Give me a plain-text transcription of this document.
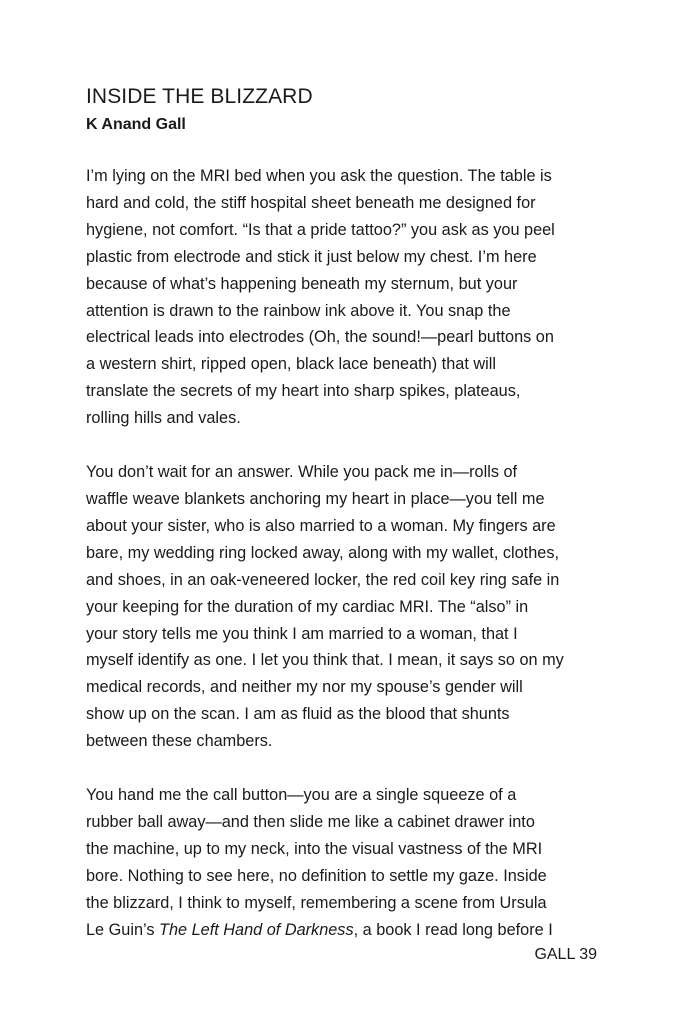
INSIDE THE BLIZZARD
K Anand Gall

I’m lying on the MRI bed when you ask the question. The table is
hard and cold, the stiff hospital sheet beneath me designed for
hygiene, not comfort. “Is that a pride tattoo?” you ask as you peel
plastic from electrode and stick it just below my chest. I’m here
because of what’s happening beneath my sternum, but your
attention is drawn to the rainbow ink above it. You snap the
electrical leads into electrodes (Oh, the sound!—pearl buttons on
a western shirt, ripped open, black lace beneath) that will
translate the secrets of my heart into sharp spikes, plateaus,
rolling hills and vales.

You don’t wait for an answer. While you pack me in—rolls of
waffle weave blankets anchoring my heart in place—you tell me
about your sister, who is also married to a woman. My fingers are
bare, my wedding ring locked away, along with my wallet, clothes,
and shoes, in an oak-veneered locker, the red coil key ring safe in
your keeping for the duration of my cardiac MRI. The “also” in
your story tells me you think I am married to a woman, that I
myself identify as one. I let you think that. I mean, it says so on my
medical records, and neither my nor my spouse’s gender will
show up on the scan. I am as fluid as the blood that shunts
between these chambers.

You hand me the call button—you are a single squeeze of a
rubber ball away—and then slide me like a cabinet drawer into
the machine, up to my neck, into the visual vastness of the MRI
bore. Nothing to see here, no definition to settle my gaze. Inside
the blizzard, I think to myself, remembering a scene from Ursula
Le Guin’s The Left Hand of Darkness, a book I read long before I

GALL 39
